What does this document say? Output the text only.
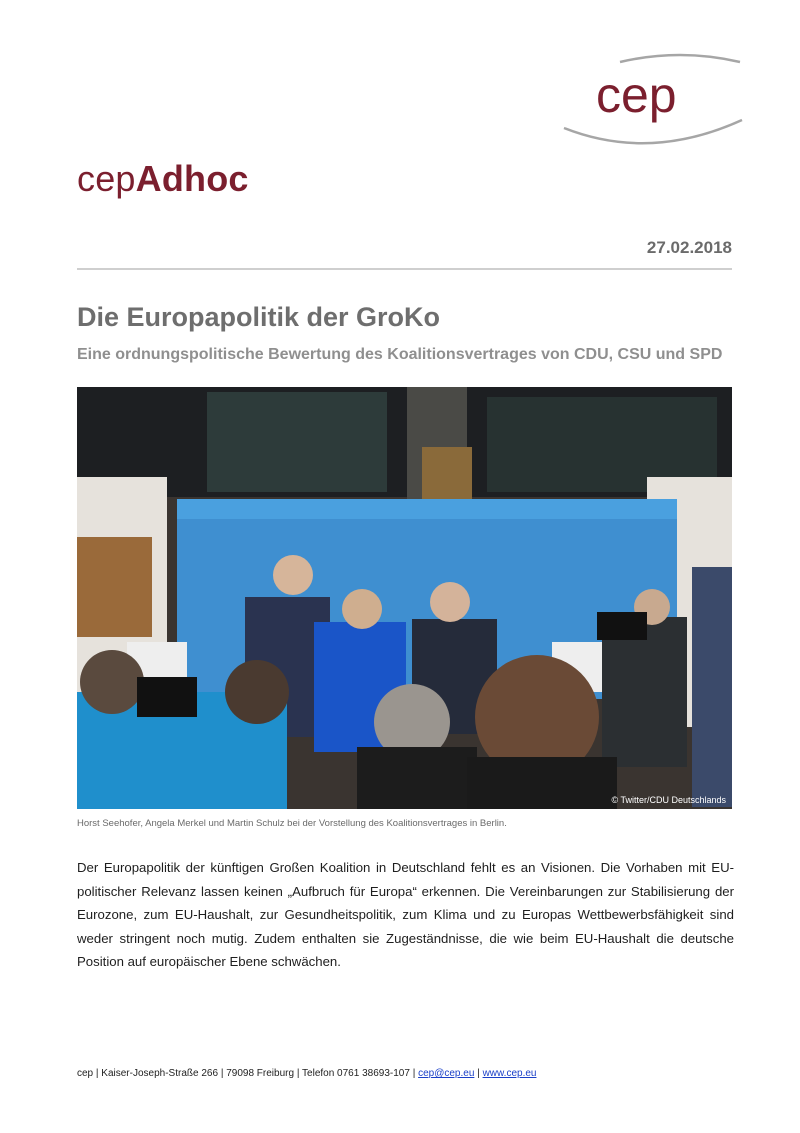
cep
cepAdhoc
27.02.2018
Die Europapolitik der GroKo
Eine ordnungspolitische Bewertung des Koalitionsvertrages von CDU, CSU und SPD
© Twitter/CDU Deutschlands
Horst Seehofer, Angela Merkel und Martin Schulz bei der Vorstellung des Koalitionsvertrages in Berlin.

Der Europapolitik der künftigen Großen Koalition in Deutschland fehlt es an Visionen. Die Vorhaben mit EU-politischer Relevanz lassen keinen „Aufbruch für Europa“ erkennen. Die Vereinbarungen zur Stabilisierung der Eurozone, zum EU-Haushalt, zur Gesundheitspolitik, zum Klima und zu Europas Wettbewerbsfähigkeit sind weder stringent noch mutig. Zudem enthalten sie Zugeständnisse, die wie beim EU-Haushalt die deutsche Position auf europäischer Ebene schwächen.

cep | Kaiser-Joseph-Straße 266 | 79098 Freiburg | Telefon 0761 38693-107 | cep@cep.eu | www.cep.eu
